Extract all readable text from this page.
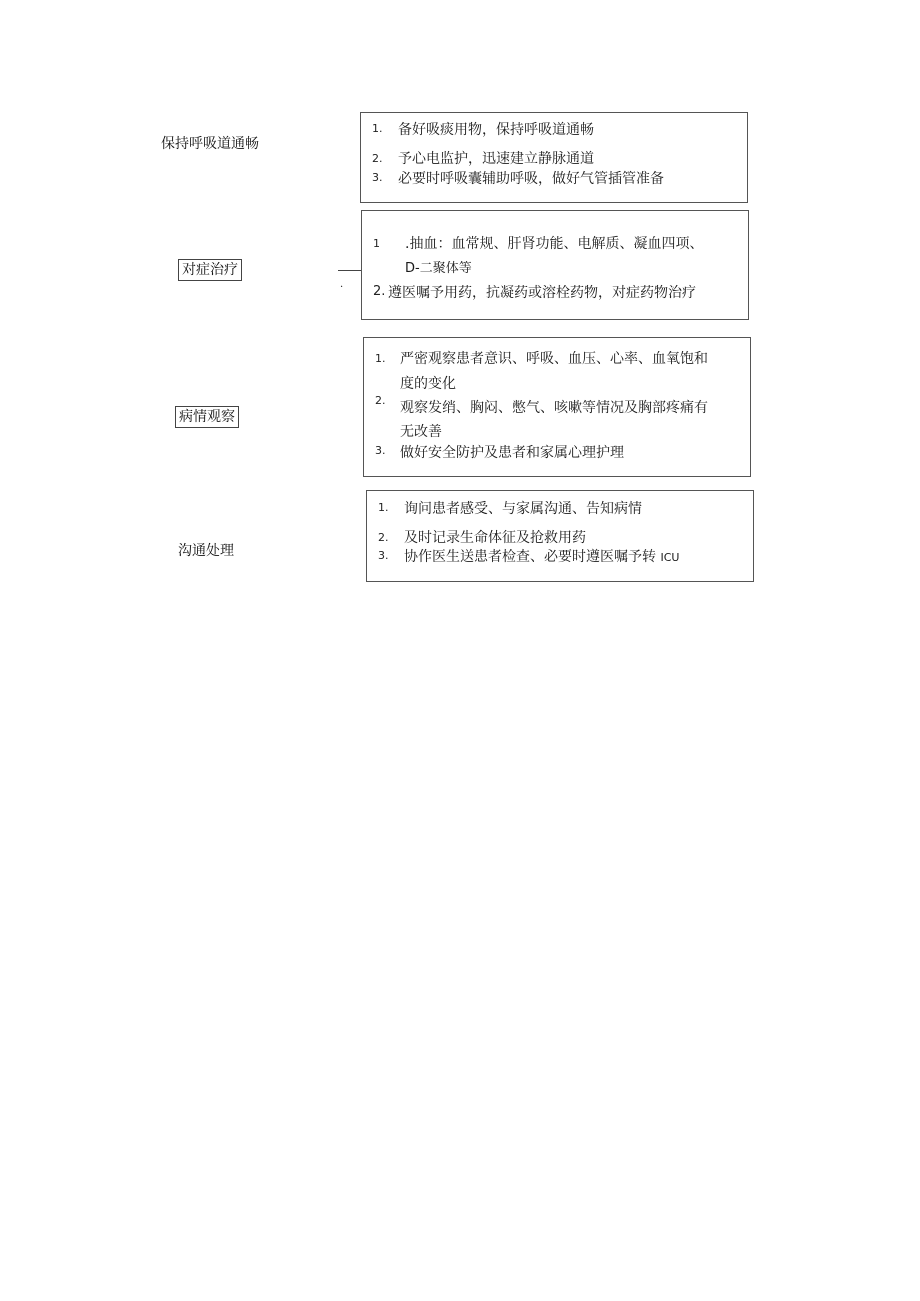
保持呼吸道通畅
1. 备好吸痰用物，保持呼吸道通畅
2. 予心电监护，迅速建立静脉通道
3. 必要时呼吸囊辅助呼吸，做好气管插管准备
对症治疗
.
1 .抽血：血常规、肝肾功能、电解质、凝血四项、
D-二聚体等
2. 遵医嘱予用药，抗凝药或溶栓药物，对症药物治疗
病情观察
1. 严密观察患者意识、呼吸、血压、心率、血氧饱和
度的变化
2. 观察发绡、胸闷、憋气、咳嗽等情况及胸部疼痛有
无改善
3. 做好安全防护及患者和家属心理护理
沟通处理
1. 询问患者感受、与家属沟通、告知病情
2. 及时记录生命体征及抢救用药
3. 协作医生送患者检查、必要时遵医嘱予转 ICU
